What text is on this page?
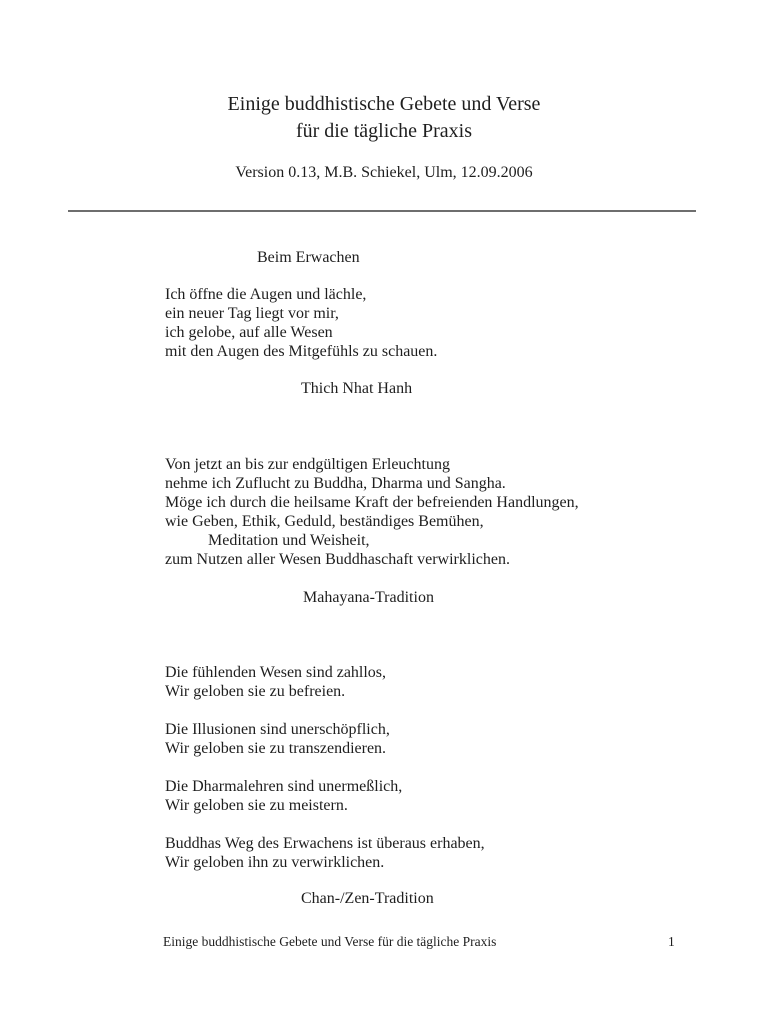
Einige buddhistische Gebete und Verse
für die tägliche Praxis

Version 0.13, M.B. Schiekel, Ulm, 12.09.2006

Beim Erwachen
Ich öffne die Augen und lächle,
ein neuer Tag liegt vor mir,
ich gelobe, auf alle Wesen
mit den Augen des Mitgefühls zu schauen.
Thich Nhat Hanh
Von jetzt an bis zur endgültigen Erleuchtung
nehme ich Zuflucht zu Buddha, Dharma und Sangha.
Möge ich durch die heilsame Kraft der befreienden Handlungen,
wie Geben, Ethik, Geduld, beständiges Bemühen,
Meditation und Weisheit,
zum Nutzen aller Wesen Buddhaschaft verwirklichen.
Mahayana-Tradition
Die fühlenden Wesen sind zahllos,
Wir geloben sie zu befreien.
Die Illusionen sind unerschöpflich,
Wir geloben sie zu transzendieren.
Die Dharmalehren sind unermeßlich,
Wir geloben sie zu meistern.
Buddhas Weg des Erwachens ist überaus erhaben,
Wir geloben ihn zu verwirklichen.
Chan-/Zen-Tradition
Einige buddhistische Gebete und Verse für die tägliche Praxis	1
